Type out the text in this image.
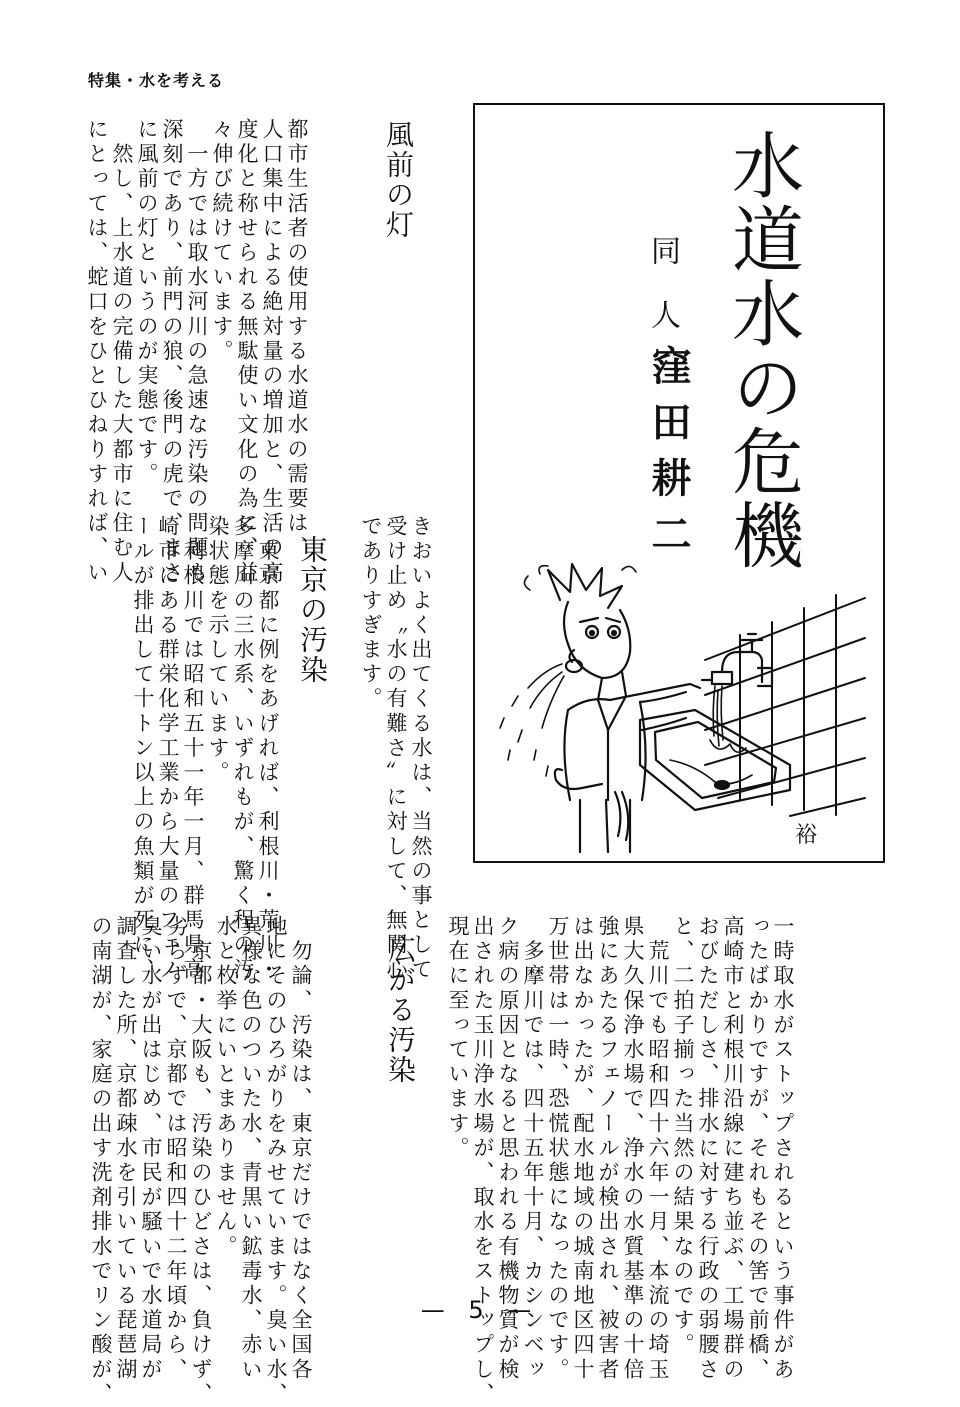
特集・水を考える
風前の灯
都市生活者の使用する水道水の需要は、
人口集中による絶対量の増加と、生活の高
度化と称せられる無駄使い文化の為に、益
々伸び続けています。
　一方では取水河川の急速な汚染の問題も
深刻であり、前門の狼、後門の虎で、まさ
に風前の灯というのが実態です。
　然し、上水道の完備した大都市に住む人
にとっては、蛇口をひとひねりすれば、い
きおいよく出てくる水は、当然の事として
受け止め〝水の有難さ〟に対して、無関心
でありすぎます。
東京の汚染
　東京都に例をあげれば、利根川・荒川・
多摩川の三水系、いずれもが、驚く程の汚
染状態を示しています。
　利根川では昭和五十一年一月、群馬県高
崎市にある群栄化学工業から大量のフェノ
ールが排出して十トン以上の魚類が死に、
水道水の危機
同人
窪田耕二
裕
一時取水がストップされるという事件があ
ったばかりですが、それもその筈で前橋、
高崎市と利根川沿線に建ち並ぶ、工場群の
おびただしさ、排水に対する行政の弱腰さ
と、二拍子揃った当然の結果なのです。
　荒川でも昭和四十六年一月、本流の埼玉
県大久保浄水場で、浄水の水質基準の十倍
強にあたるフェノールが検出され、被害者
は出なかったが、配水地域の城南地区四十
万世帯は一時、恐慌状態になったのです。
　多摩川では、四十五年十月、カシンベッ
ク病の原因となると思われる有機物質が検
出された玉川浄水場が、取水をストップし、
現在に至っています。
広がる汚染
　勿論、汚染は、東京だけではなく全国各
地にそのひろがりをみせています。臭い水、
異様な色のついた水、青黒い鉱毒水、赤い
水と枚挙にいとまありません。
　京都・大阪も、汚染のひどさは、負けず、
劣らずで、京都では昭和四十二年頃から、
臭い水が出はじめ、市民が騒いで水道局が
調査した所、京都疎水を引いている琵琶湖
の南湖が、家庭の出す洗剤排水でリン酸が、	— 5 —
